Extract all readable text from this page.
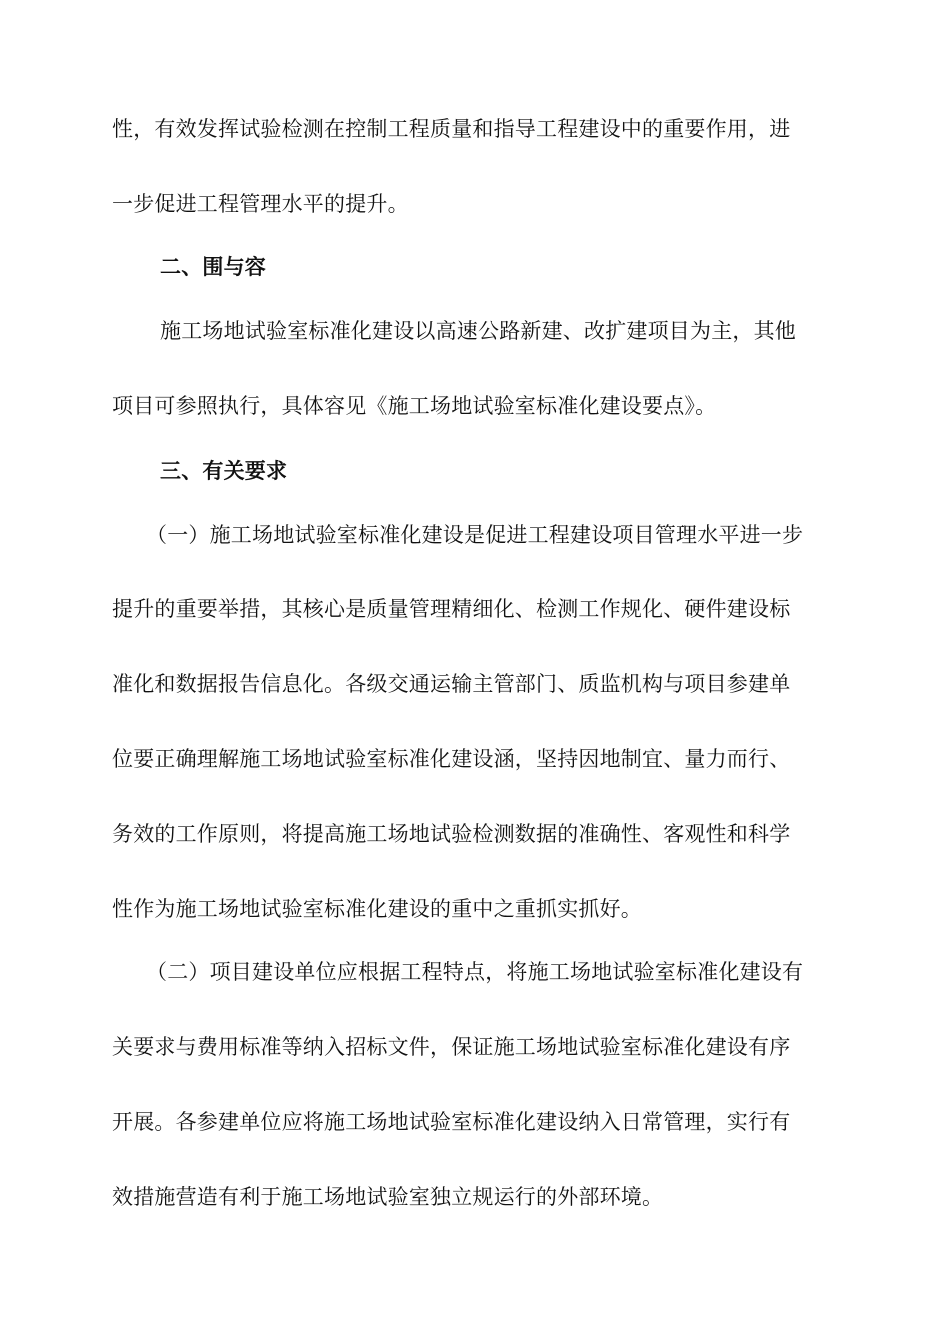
性，有效发挥试验检测在控制工程质量和指导工程建设中的重要作用，进
一步促进工程管理水平的提升。
二、围与容
施工场地试验室标准化建设以高速公路新建、改扩建项目为主，其他
项目可参照执行，具体容见《施工场地试验室标准化建设要点》。
三、有关要求
（一）施工场地试验室标准化建设是促进工程建设项目管理水平进一步
提升的重要举措，其核心是质量管理精细化、检测工作规化、硬件建设标
准化和数据报告信息化。各级交通运输主管部门、质监机构与项目参建单
位要正确理解施工场地试验室标准化建设涵，坚持因地制宜、量力而行、
务效的工作原则，将提高施工场地试验检测数据的准确性、客观性和科学
性作为施工场地试验室标准化建设的重中之重抓实抓好。
（二）项目建设单位应根据工程特点，将施工场地试验室标准化建设有
关要求与费用标准等纳入招标文件，保证施工场地试验室标准化建设有序
开展。各参建单位应将施工场地试验室标准化建设纳入日常管理，实行有
效措施营造有利于施工场地试验室独立规运行的外部环境。
